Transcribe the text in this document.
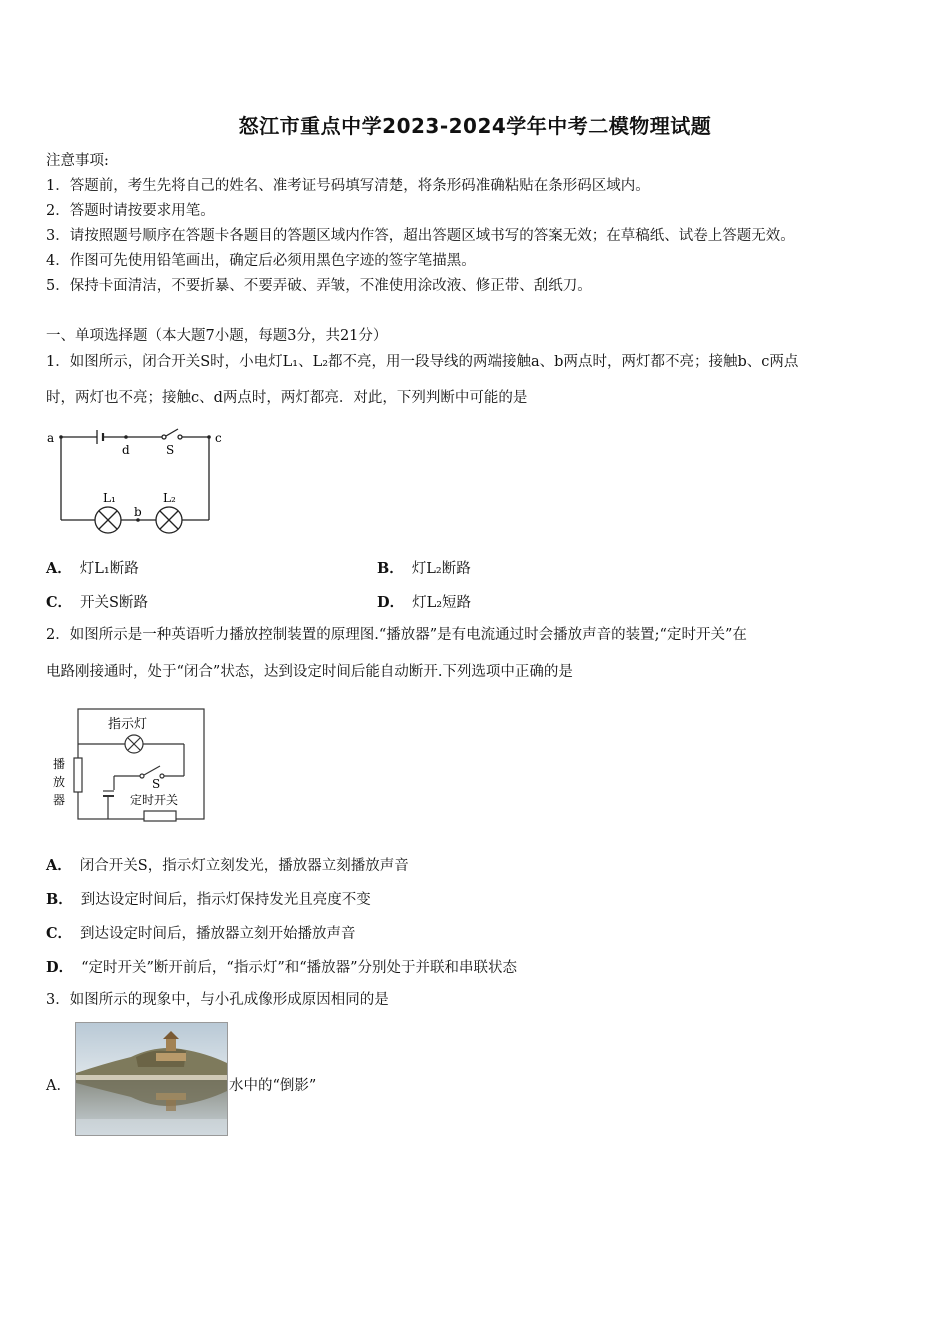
怒江市重点中学2023-2024学年中考二模物理试题
注意事项:
1．答题前，考生先将自己的姓名、准考证号码填写清楚，将条形码准确粘贴在条形码区域内。
2．答题时请按要求用笔。
3．请按照题号顺序在答题卡各题目的答题区域内作答，超出答题区域书写的答案无效；在草稿纸、试卷上答题无效。
4．作图可先使用铅笔画出，确定后必须用黑色字迹的签字笔描黑。
5．保持卡面清洁，不要折暴、不要弄破、弄皱，不准使用涂改液、修正带、刮纸刀。
一、单项选择题（本大题7小题，每题3分，共21分）
1．如图所示，闭合开关S时，小电灯L₁、L₂都不亮，用一段导线的两端接触a、b两点时，两灯都不亮；接触b、c两点
时，两灯也不亮；接触c、d两点时，两灯都亮．对此，下列判断中可能的是
a	c
d	S
b
L₁	L₂
A． 灯L₁断路	B． 灯L₂断路
C． 开关S断路	D． 灯L₂短路
2．如图所示是一种英语听力播放控制装置的原理图.“播放器”是有电流通过时会播放声音的装置;“定时开关”在
电路刚接通时，处于“闭合”状态，达到设定时间后能自动断开.下列选项中正确的是
指示灯
S
定时开关
播
放
器
A． 闭合开关S，指示灯立刻发光，播放器立刻播放声音
B． 到达设定时间后，指示灯保持发光且亮度不变
C． 到达设定时间后，播放器立刻开始播放声音
D． “定时开关”断开前后，“指示灯”和“播放器”分别处于并联和串联状态
3．如图所示的现象中，与小孔成像形成原因相同的是
A．	水中的“倒影”
